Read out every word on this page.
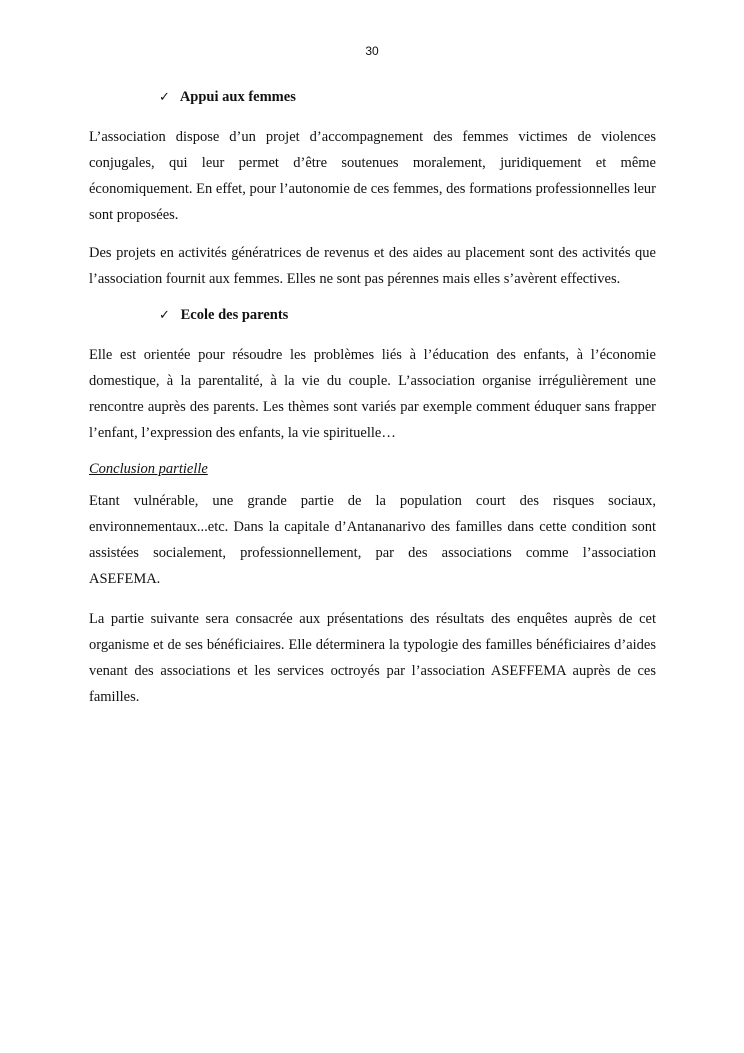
30
✓ Appui aux femmes

L’association dispose d’un projet d’accompagnement des femmes victimes de violences conjugales, qui leur permet d’être soutenues moralement, juridiquement et même économiquement. En effet, pour l’autonomie de ces femmes, des formations professionnelles leur sont proposées.

Des projets en activités génératrices de revenus et des aides au placement sont des activités que l’association fournit aux femmes. Elles ne sont pas pérennes mais elles s’avèrent effectives.

✓ Ecole des parents

Elle est orientée pour résoudre les problèmes liés à l’éducation des enfants, à l’économie domestique, à la parentalité, à la vie du couple. L’association organise irrégulièrement une rencontre auprès des parents. Les thèmes sont variés par exemple comment éduquer sans frapper l’enfant, l’expression des enfants, la vie spirituelle…

Conclusion partielle

Etant vulnérable, une grande partie de la population court des risques sociaux, environnementaux...etc. Dans la capitale d’Antananarivo des familles dans cette condition sont assistées socialement, professionnellement, par des associations comme l’association ASEFEMA.

La partie suivante sera consacrée aux présentations des résultats des enquêtes auprès de cet organisme et de ses bénéficiaires. Elle déterminera la typologie des familles bénéficiaires d’aides venant des associations et les services octroyés par l’association ASEFFEMA auprès de ces familles.
